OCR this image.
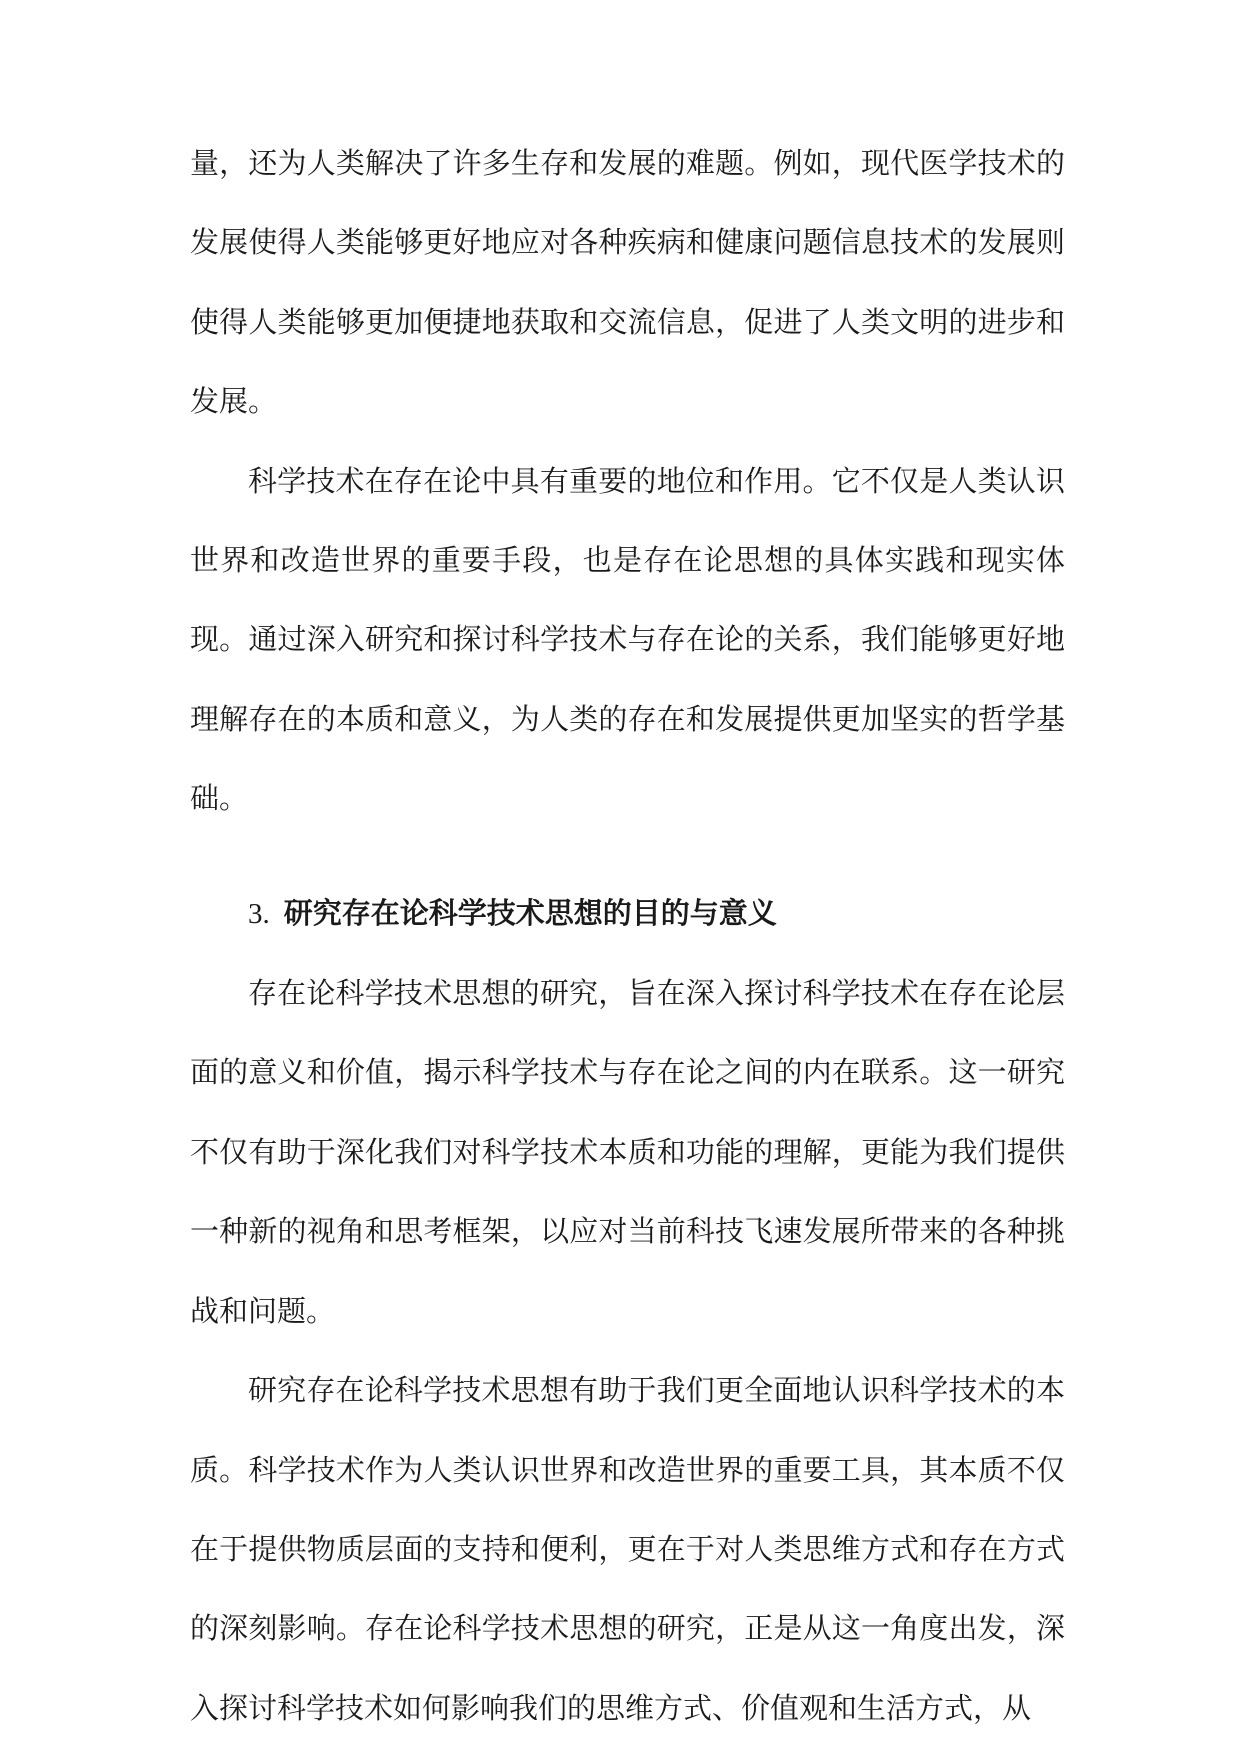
量，还为人类解决了许多生存和发展的难题。例如，现代医学技术的发展使得人类能够更好地应对各种疾病和健康问题信息技术的发展则使得人类能够更加便捷地获取和交流信息，促进了人类文明的进步和发展。

科学技术在存在论中具有重要的地位和作用。它不仅是人类认识世界和改造世界的重要手段，也是存在论思想的具体实践和现实体现。通过深入研究和探讨科学技术与存在论的关系，我们能够更好地理解存在的本质和意义，为人类的存在和发展提供更加坚实的哲学基础。

3. 研究存在论科学技术思想的目的与意义

存在论科学技术思想的研究，旨在深入探讨科学技术在存在论层面的意义和价值，揭示科学技术与存在论之间的内在联系。这一研究不仅有助于深化我们对科学技术本质和功能的理解，更能为我们提供一种新的视角和思考框架，以应对当前科技飞速发展所带来的各种挑战和问题。

研究存在论科学技术思想有助于我们更全面地认识科学技术的本质。科学技术作为人类认识世界和改造世界的重要工具，其本质不仅在于提供物质层面的支持和便利，更在于对人类思维方式和存在方式的深刻影响。存在论科学技术思想的研究，正是从这一角度出发，深入探讨科学技术如何影响我们的思维方式、价值观和生活方式，从
